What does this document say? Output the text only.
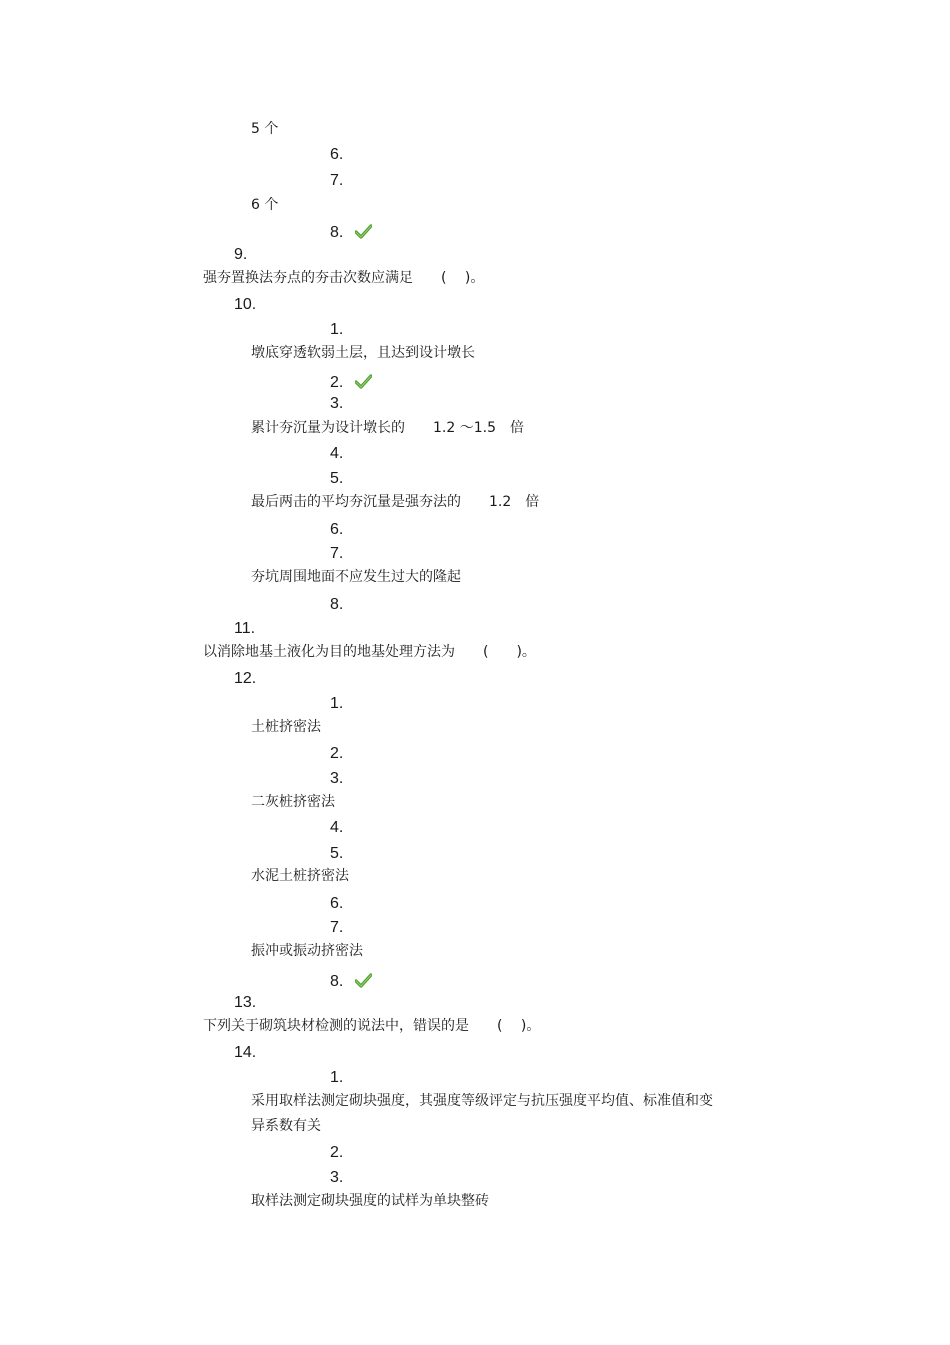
5 个
6.
7.
6 个
8.
9.
强夯置换法夯点的夯击次数应满足　　(　 )。
10.
1.
墩底穿透软弱土层，且达到设计墩长
2.
3.
累计夯沉量为设计墩长的　　1.2 ～1.5　倍
4.
5.
最后两击的平均夯沉量是强夯法的　　1.2　倍
6.
7.
夯坑周围地面不应发生过大的隆起
8.
11.
以消除地基土液化为目的地基处理方法为　　(　　)。
12.
1.
土桩挤密法
2.
3.
二灰桩挤密法
4.
5.
水泥土桩挤密法
6.
7.
振冲或振动挤密法
8.
13.
下列关于砌筑块材检测的说法中，错误的是　　(　 )。
14.
1.
采用取样法测定砌块强度，其强度等级评定与抗压强度平均值、标准值和变
异系数有关
2.
3.
取样法测定砌块强度的试样为单块整砖
